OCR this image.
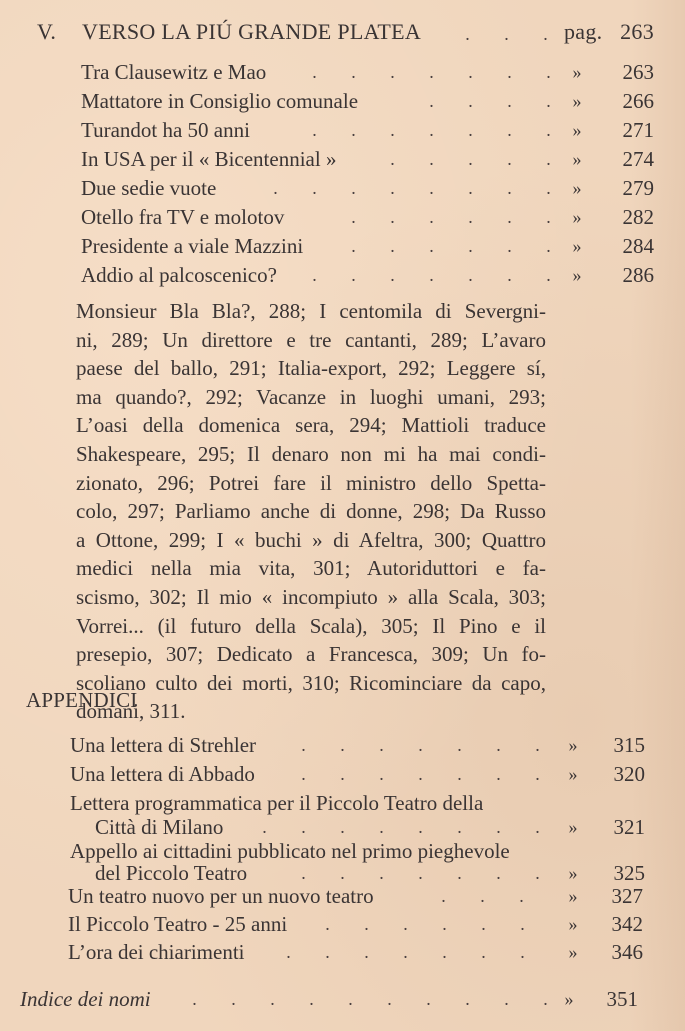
V. VERSO LA PIÚ GRANDE PLATEA	. . . pag. 263
Tra Clausewitz e Mao	. . . . . . .	»	263
Mattatore in Consiglio comunale	. . . .	»	266
Turandot ha 50 anni	. . . . . . .	»	271
In USA per il « Bicentennial »	. . . . .	»	274
Due sedie vuote	. . . . . . . .	»	279
Otello fra TV e molotov	. . . . . .	»	282
Presidente a viale Mazzini	. . . . . .	»	284
Addio al palcoscenico?	. . . . . . .	»	286
Monsieur Bla Bla?, 288; I centomila di Severgni-
ni, 289; Un direttore e tre cantanti, 289; L’avaro
paese del ballo, 291; Italia-export, 292; Leggere sí,
ma quando?, 292; Vacanze in luoghi umani, 293;
L’oasi della domenica sera, 294; Mattioli traduce
Shakespeare, 295; Il denaro non mi ha mai condi-
zionato, 296; Potrei fare il ministro dello Spetta-
colo, 297; Parliamo anche di donne, 298; Da Russo
a Ottone, 299; I « buchi » di Afeltra, 300; Quattro
medici nella mia vita, 301; Autoriduttori e fa-
scismo, 302; Il mio « incompiuto » alla Scala, 303;
Vorrei... (il futuro della Scala), 305; Il Pino e il
presepio, 307; Dedicato a Francesca, 309; Un fo-
scoliano culto dei morti, 310; Ricominciare da capo,
domani, 311.
APPENDICI
Una lettera di Strehler	. . . . . . .	»	315
Una lettera di Abbado	. . . . . . .	»	320
Lettera programmatica per il Piccolo Teatro della
Città di Milano	. . . . . . . .	»	321
Appello ai cittadini pubblicato nel primo pieghevole
del Piccolo Teatro	. . . . . . .	»	325
Un teatro nuovo per un nuovo teatro	. . .	»	327
Il Piccolo Teatro - 25 anni	. . . . . .	»	342
L’ora dei chiarimenti	. . . . . . .	»	346
Indice dei nomi	. . . . . . . . . . »	351
